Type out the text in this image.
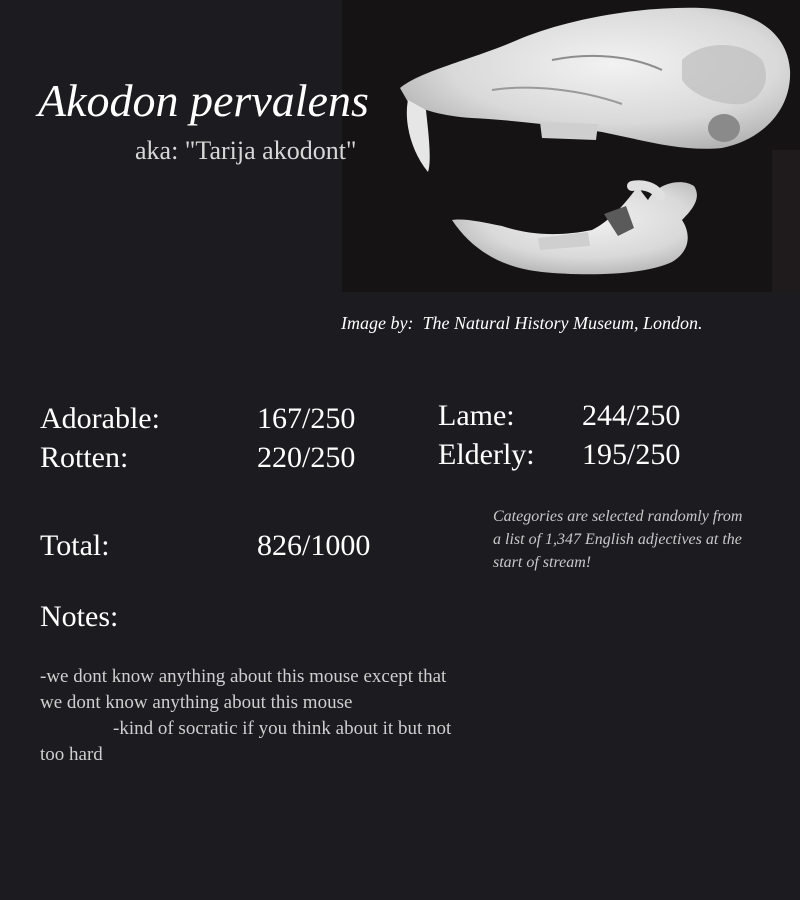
Akodon pervalens
aka: "Tarija akodont"
Image by:  The Natural History Museum, London.
Adorable:	167/250
Rotten:	220/250
Lame: 244/250
Elderly: 195/250
Total:	826/1000
Categories are selected randomly from a list of 1,347 English adjectives at the start of stream!
Notes:
-we dont know anything about this mouse except that
we dont know anything about this mouse
-kind of socratic if you think about it but not
too hard
